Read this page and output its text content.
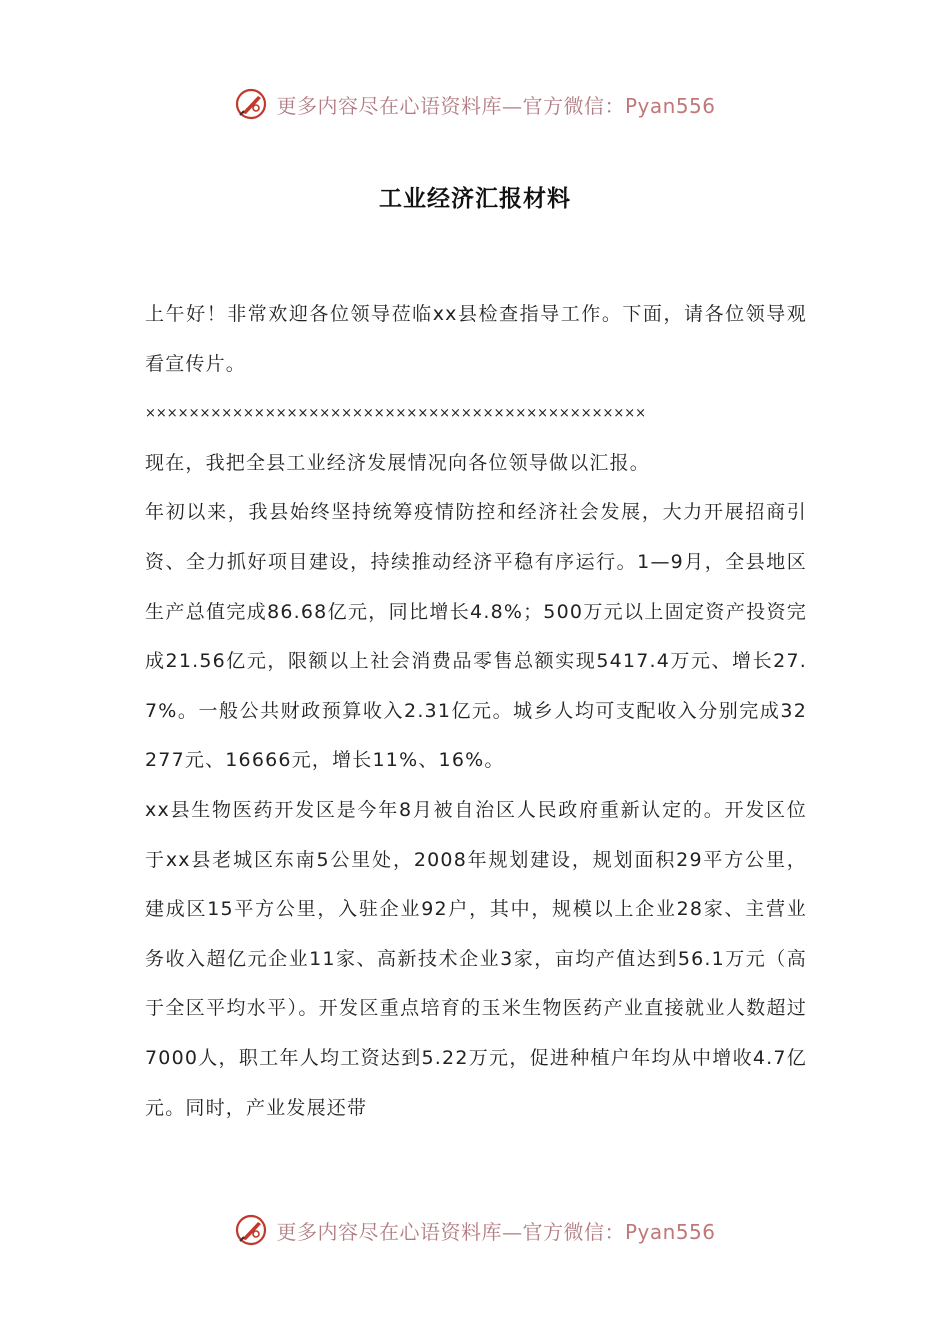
更多内容尽在心语资料库—官方微信：Pyan556
工业经济汇报材料

上午好！非常欢迎各位领导莅临xx县检查指导工作。下面，请各位领导观看宣传片。

××××××××××××××××××××××××××××××××××××××××××××××

现在，我把全县工业经济发展情况向各位领导做以汇报。

年初以来，我县始终坚持统筹疫情防控和经济社会发展，大力开展招商引资、全力抓好项目建设，持续推动经济平稳有序运行。1—9月，全县地区生产总值完成86.68亿元，同比增长4.8%；500万元以上固定资产投资完成21.56亿元，限额以上社会消费品零售总额实现5417.4万元、增长27.7%。一般公共财政预算收入2.31亿元。城乡人均可支配收入分别完成32277元、16666元，增长11%、16%。

xx县生物医药开发区是今年8月被自治区人民政府重新认定的。开发区位于xx县老城区东南5公里处，2008年规划建设，规划面积29平方公里，建成区15平方公里，入驻企业92户，其中，规模以上企业28家、主营业务收入超亿元企业11家、高新技术企业3家，亩均产值达到56.1万元（高于全区平均水平）。开发区重点培育的玉米生物医药产业直接就业人数超过7000人，职工年人均工资达到5.22万元，促进种植户年均从中增收4.7亿元。同时，产业发展还带

更多内容尽在心语资料库—官方微信：Pyan556
